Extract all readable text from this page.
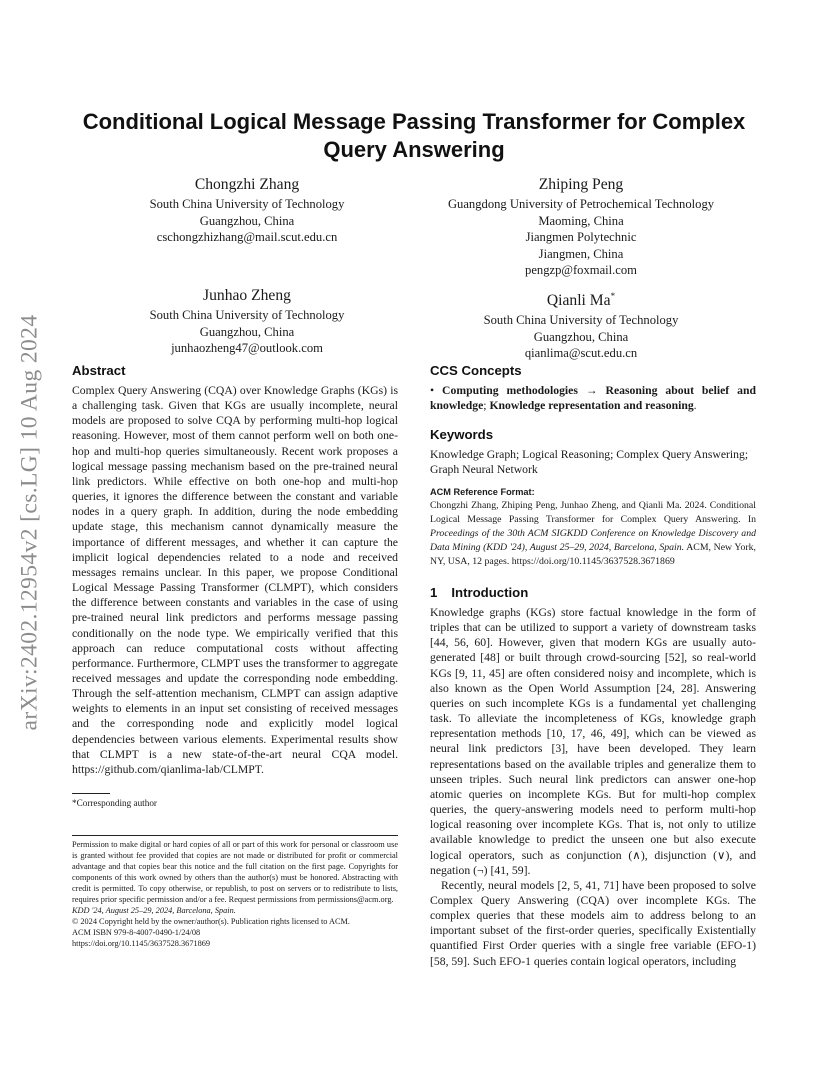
arXiv:2402.12954v2 [cs.LG] 10 Aug 2024
Conditional Logical Message Passing Transformer for Complex Query Answering
Chongzhi Zhang
South China University of Technology
Guangzhou, China
cschongzhizhang@mail.scut.edu.cn
Zhiping Peng
Guangdong University of Petrochemical Technology
Maoming, China
Jiangmen Polytechnic
Jiangmen, China
pengzp@foxmail.com
Junhao Zheng
South China University of Technology
Guangzhou, China
junhaozheng47@outlook.com
Qianli Ma*
South China University of Technology
Guangzhou, China
qianlima@scut.edu.cn
Abstract

Complex Query Answering (CQA) over Knowledge Graphs (KGs) is a challenging task. Given that KGs are usually incomplete, neural models are proposed to solve CQA by performing multi-hop logical reasoning. However, most of them cannot perform well on both one-hop and multi-hop queries simultaneously. Recent work proposes a logical message passing mechanism based on the pre-trained neural link predictors. While effective on both one-hop and multi-hop queries, it ignores the difference between the constant and variable nodes in a query graph. In addition, during the node embedding update stage, this mechanism cannot dynamically measure the importance of different messages, and whether it can capture the implicit logical dependencies related to a node and received messages remains unclear. In this paper, we propose Conditional Logical Message Passing Transformer (CLMPT), which considers the difference between constants and variables in the case of using pre-trained neural link predictors and performs message passing conditionally on the node type. We empirically verified that this approach can reduce computational costs without affecting performance. Furthermore, CLMPT uses the transformer to aggregate received messages and update the corresponding node embedding. Through the self-attention mechanism, CLMPT can assign adaptive weights to elements in an input set consisting of received messages and the corresponding node and explicitly model logical dependencies between various elements. Experimental results show that CLMPT is a new state-of-the-art neural CQA model. https://github.com/qianlima-lab/CLMPT.

*Corresponding author

Permission to make digital or hard copies of all or part of this work for personal or classroom use is granted without fee provided that copies are not made or distributed for profit or commercial advantage and that copies bear this notice and the full citation on the first page. Copyrights for components of this work owned by others than the author(s) must be honored. Abstracting with credit is permitted. To copy otherwise, or republish, to post on servers or to redistribute to lists, requires prior specific permission and/or a fee. Request permissions from permissions@acm.org.

KDD '24, August 25–29, 2024, Barcelona, Spain.

© 2024 Copyright held by the owner/author(s). Publication rights licensed to ACM.

ACM ISBN 979-8-4007-0490-1/24/08

https://doi.org/10.1145/3637528.3671869

CCS Concepts

• Computing methodologies → Reasoning about belief and knowledge; Knowledge representation and reasoning.

Keywords

Knowledge Graph; Logical Reasoning; Complex Query Answering; Graph Neural Network

ACM Reference Format:

Chongzhi Zhang, Zhiping Peng, Junhao Zheng, and Qianli Ma. 2024. Conditional Logical Message Passing Transformer for Complex Query Answering. In Proceedings of the 30th ACM SIGKDD Conference on Knowledge Discovery and Data Mining (KDD '24), August 25–29, 2024, Barcelona, Spain. ACM, New York, NY, USA, 12 pages. https://doi.org/10.1145/3637528.3671869

1 Introduction

Knowledge graphs (KGs) store factual knowledge in the form of triples that can be utilized to support a variety of downstream tasks [44, 56, 60]. However, given that modern KGs are usually auto-generated [48] or built through crowd-sourcing [52], so real-world KGs [9, 11, 45] are often considered noisy and incomplete, which is also known as the Open World Assumption [24, 28]. Answering queries on such incomplete KGs is a fundamental yet challenging task. To alleviate the incompleteness of KGs, knowledge graph representation methods [10, 17, 46, 49], which can be viewed as neural link predictors [3], have been developed. They learn representations based on the available triples and generalize them to unseen triples. Such neural link predictors can answer one-hop atomic queries on incomplete KGs. But for multi-hop complex queries, the query-answering models need to perform multi-hop logical reasoning over incomplete KGs. That is, not only to utilize available knowledge to predict the unseen one but also execute logical operators, such as conjunction (∧), disjunction (∨), and negation (¬) [41, 59].

Recently, neural models [2, 5, 41, 71] have been proposed to solve Complex Query Answering (CQA) over incomplete KGs. The complex queries that these models aim to address belong to an important subset of the first-order queries, specifically Existentially quantified First Order queries with a single free variable (EFO-1) [58, 59]. Such EFO-1 queries contain logical operators, including
